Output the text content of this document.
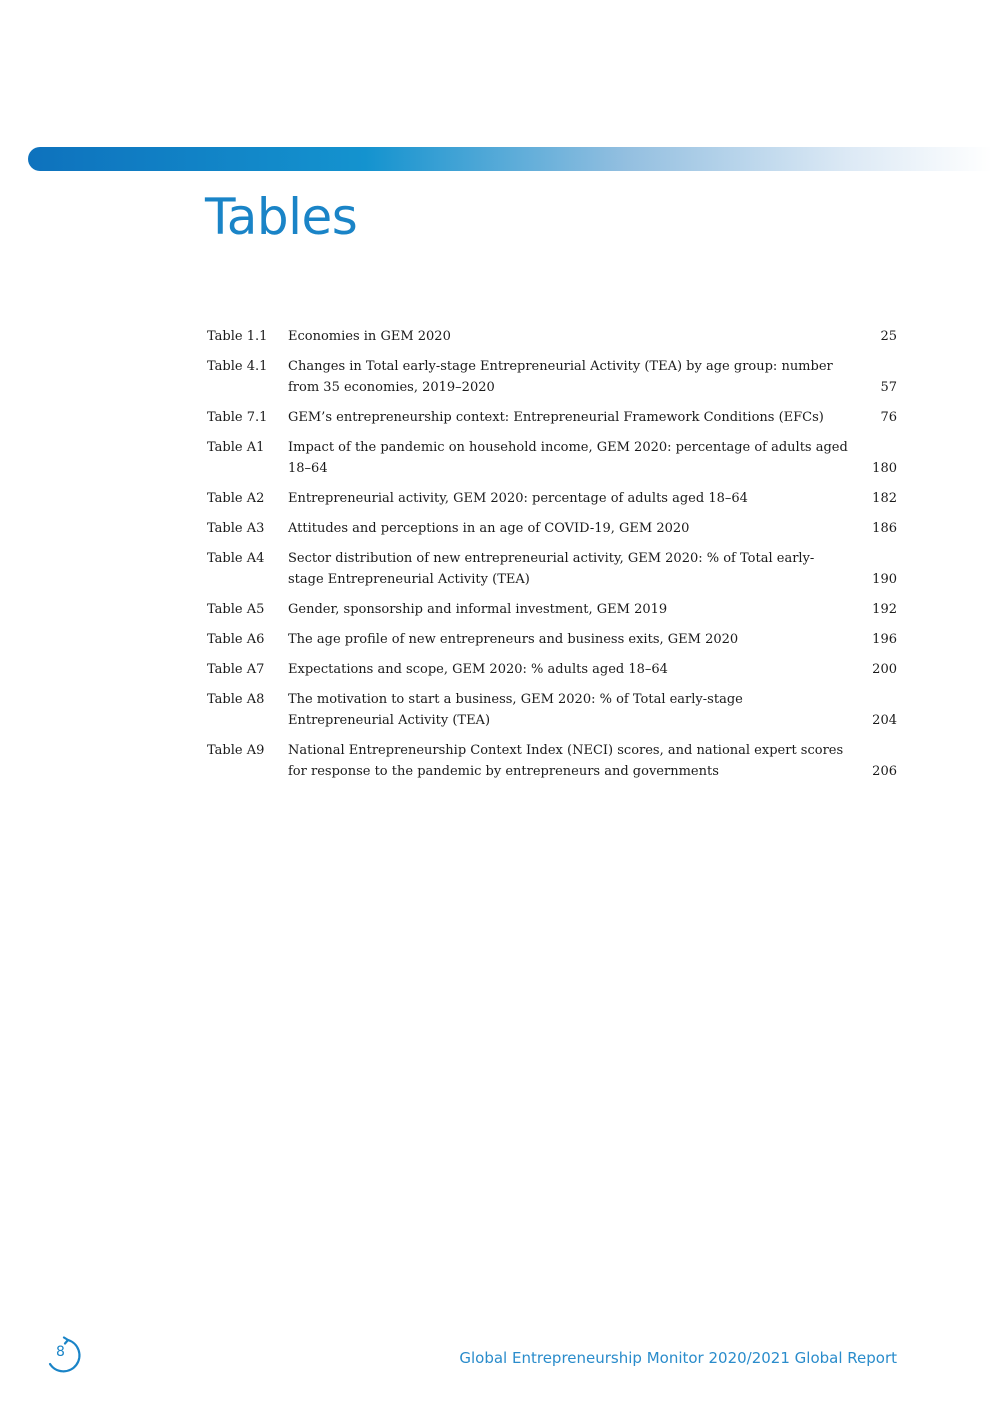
Tables
Table 1.1	Economies in GEM 2020	25
Table 4.1	Changes in Total early-stage Entrepreneurial Activity (TEA) by age group: number from 35 economies, 2019–2020	57
Table 7.1	GEM’s entrepreneurship context: Entrepreneurial Framework Conditions (EFCs)	76
Table A1	Impact of the pandemic on household income, GEM 2020: percentage of adults aged 18–64	180
Table A2	Entrepreneurial activity, GEM 2020: percentage of adults aged 18–64	182
Table A3	Attitudes and perceptions in an age of COVID-19, GEM 2020	186
Table A4	Sector distribution of new entrepreneurial activity, GEM 2020: % of Total early-stage Entrepreneurial Activity (TEA)	190
Table A5	Gender, sponsorship and informal investment, GEM 2019	192
Table A6	The age profile of new entrepreneurs and business exits, GEM 2020	196
Table A7	Expectations and scope, GEM 2020: % adults aged 18–64	200
Table A8	The motivation to start a business, GEM 2020: % of Total early-stage Entrepreneurial Activity (TEA)	204
Table A9	National Entrepreneurship Context Index (NECI) scores, and national expert scores for response to the pandemic by entrepreneurs and governments	206
8	Global Entrepreneurship Monitor 2020/2021 Global Report
